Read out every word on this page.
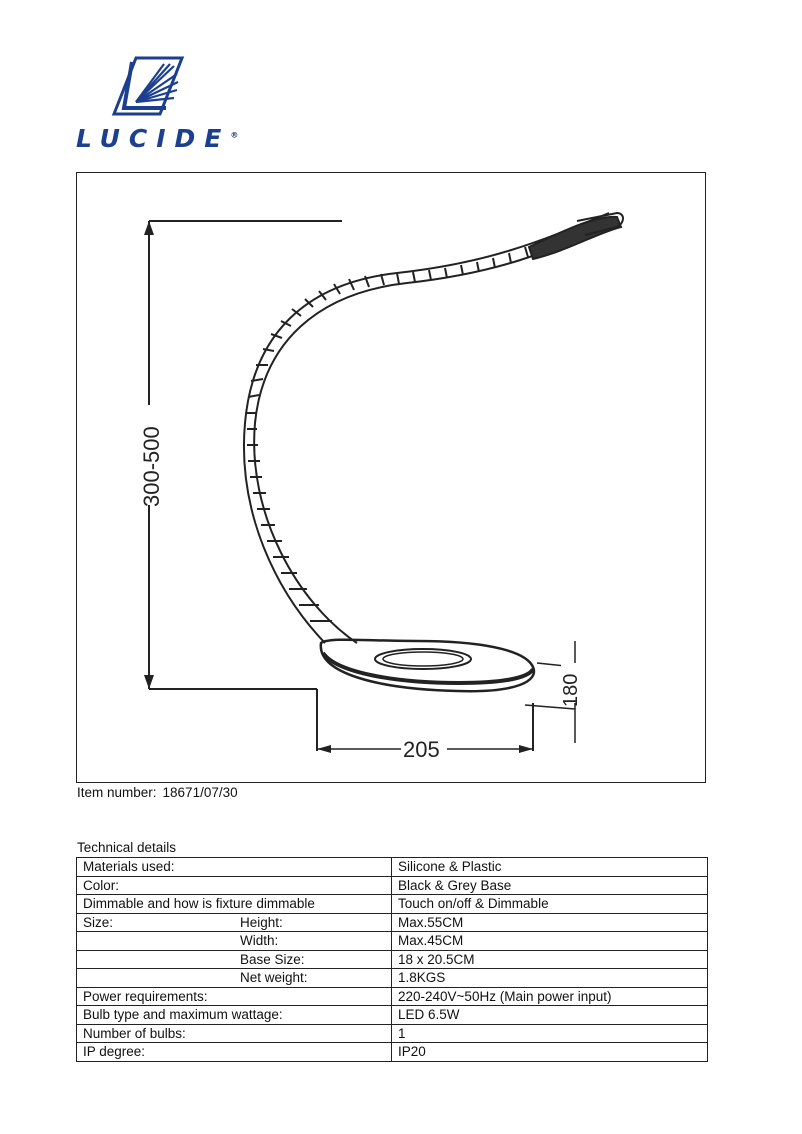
LUCIDE®
300-500
205
180
Item number: 18671/07/30
Technical details
Materials used:		Silicone & Plastic
Color:		Black & Grey Base
Dimmable and how is fixture dimmable		Touch on/off & Dimmable
Size:	Height:	Max.55CM
	Width:	Max.45CM
	Base Size:	18 x 20.5CM
	Net weight:	1.8KGS
Power requirements:		220-240V~50Hz (Main power input)
Bulb type and maximum wattage:		LED 6.5W
Number of bulbs:		1
IP degree:		IP20
